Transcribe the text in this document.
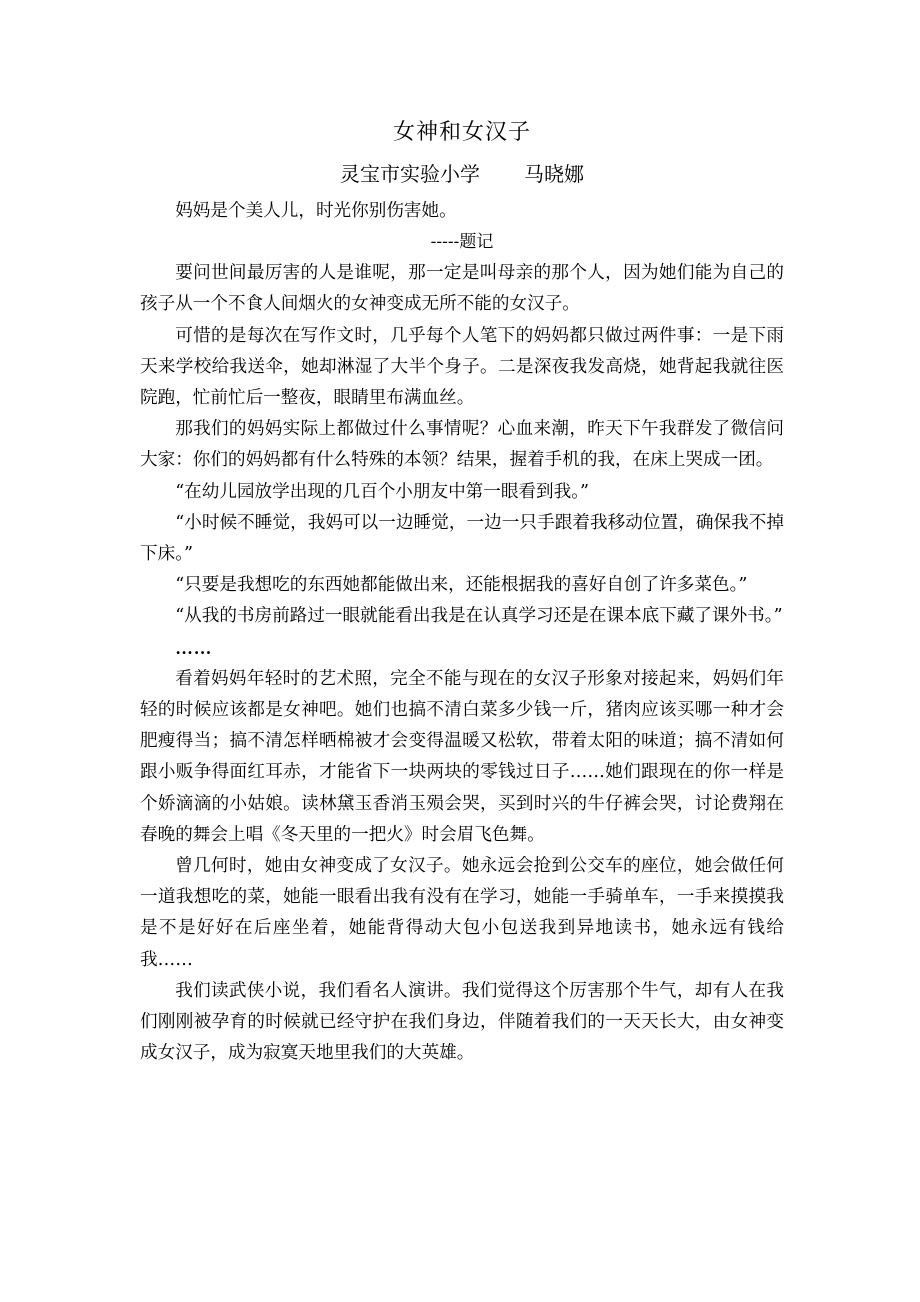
女神和女汉子
灵宝市实验小学 马晓娜

妈妈是个美人儿，时光你别伤害她。

-----题记

要问世间最厉害的人是谁呢，那一定是叫母亲的那个人，因为她们能为自己的孩子从一个不食人间烟火的女神变成无所不能的女汉子。

可惜的是每次在写作文时，几乎每个人笔下的妈妈都只做过两件事：一是下雨天来学校给我送伞，她却淋湿了大半个身子。二是深夜我发高烧，她背起我就往医院跑，忙前忙后一整夜，眼睛里布满血丝。

那我们的妈妈实际上都做过什么事情呢？心血来潮，昨天下午我群发了微信问大家：你们的妈妈都有什么特殊的本领？结果，握着手机的我，在床上哭成一团。

“在幼儿园放学出现的几百个小朋友中第一眼看到我。”

“小时候不睡觉，我妈可以一边睡觉，一边一只手跟着我移动位置，确保我不掉下床。”

“只要是我想吃的东西她都能做出来，还能根据我的喜好自创了许多菜色。”

“从我的书房前路过一眼就能看出我是在认真学习还是在课本底下藏了课外书。”

……

看着妈妈年轻时的艺术照，完全不能与现在的女汉子形象对接起来，妈妈们年轻的时候应该都是女神吧。她们也搞不清白菜多少钱一斤，猪肉应该买哪一种才会肥瘦得当；搞不清怎样晒棉被才会变得温暖又松软，带着太阳的味道；搞不清如何跟小贩争得面红耳赤，才能省下一块两块的零钱过日子……她们跟现在的你一样是个娇滴滴的小姑娘。读林黛玉香消玉殒会哭，买到时兴的牛仔裤会哭，讨论费翔在春晚的舞会上唱《冬天里的一把火》时会眉飞色舞。

曾几何时，她由女神变成了女汉子。她永远会抢到公交车的座位，她会做任何一道我想吃的菜，她能一眼看出我有没有在学习，她能一手骑单车，一手来摸摸我是不是好好在后座坐着，她能背得动大包小包送我到异地读书，她永远有钱给我……

我们读武侠小说，我们看名人演讲。我们觉得这个厉害那个牛气，却有人在我们刚刚被孕育的时候就已经守护在我们身边，伴随着我们的一天天长大，由女神变成女汉子，成为寂寞天地里我们的大英雄。
